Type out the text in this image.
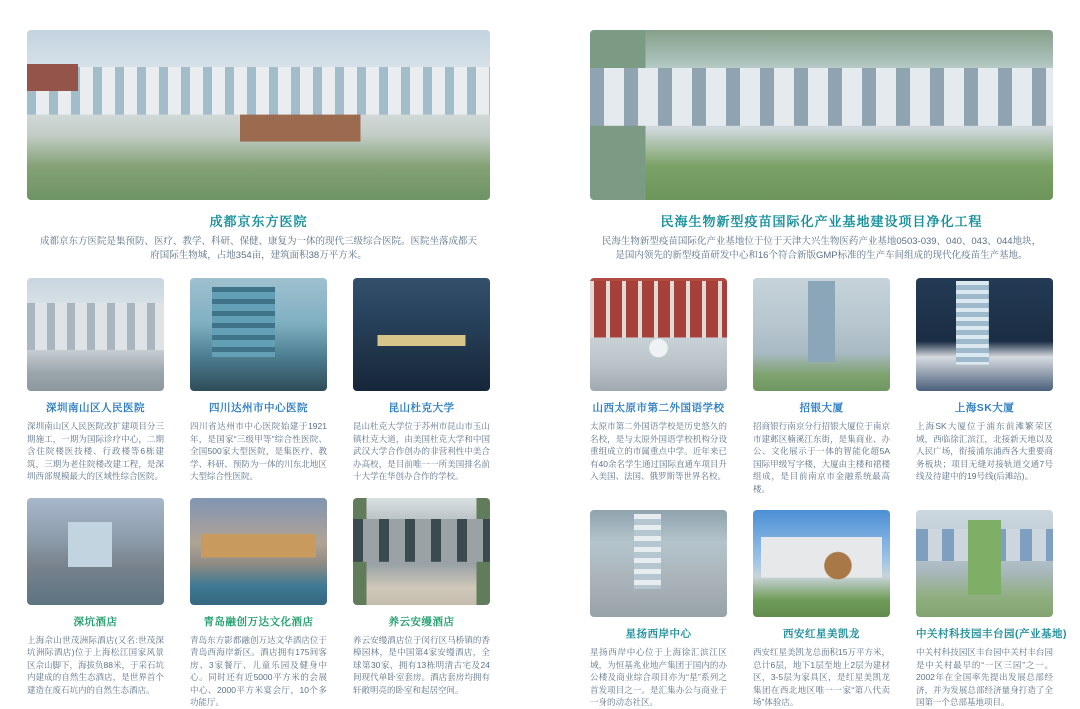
成都京东方医院
成都京东方医院是集预防、医疗、教学、科研、保健、康复为一体的现代三级综合医院。医院坐落成都天府国际生物城，占地354亩，建筑面积38万平方米。
深圳南山区人民医院
深圳南山区人民医院改扩建项目分三期施工，一期为国际诊疗中心，二期含住院楼医技楼、行政楼等6栋建筑，三期为老住院楼改建工程，是深圳西部规模最大的区域性综合医院。
四川达州市中心医院
四川省达州市中心医院始建于1921年，是国家“三级甲等”综合性医院、全国500家大型医院，是集医疗、教学、科研、预防为一体的川东北地区大型综合性医院。
昆山杜克大学
昆山杜克大学位于苏州市昆山市玉山镇杜克大道，由美国杜克大学和中国武汉大学合作创办的非营利性中美合办高校，是目前唯一一所美国排名前十大学在华创办合作的学校。
深坑酒店
上海佘山世茂洲际酒店(又名:世茂深坑洲际酒店)位于上海松江国家风景区佘山脚下，海拔负88米，于采石坑内建成的自然生态酒店，是世界首个建造在废石坑内的自然生态酒店。
青岛融创万达文化酒店
青岛东方影都融创万达文华酒店位于青岛西海岸新区。酒店拥有175间客房、3家餐厅、儿童乐园及健身中心。同时还有近5000平方米的会展中心、2000平方米宴会厅，10个多功能厅。
养云安缦酒店
养云安缦酒店位于闵行区马桥镇的香樟园林，是中国第4家安缦酒店，全球第30家，拥有13栋明清古宅及24间现代单卧室套房。酒店套房均拥有轩敞明亮的卧室和起居空间。
民海生物新型疫苗国际化产业基地建设项目净化工程
民海生物新型疫苗国际化产业基地位于位于天津大兴生物医药产业基地0503-039、040、043、044地块，是国内领先的新型疫苗研发中心和16个符合新版GMP标准的生产车间组成的现代化疫苗生产基地。
山西太原市第二外国语学校
太原市第二外国语学校是历史悠久的名校，是与太原外国语学校机构分设重组成立的市属重点中学。近年来已有40余名学生通过国际直通车项目升入美国、法国、俄罗斯等世界名校。
招银大厦
招商银行南京分行招银大厦位于南京市建邺区楠溪江东街，是集商业、办公、文化展示于一体的智能化超5A国际甲级写字楼，大厦由主楼和裙楼组成，是目前南京市金融系统最高楼。
上海SK大厦
上海SK大厦位于浦东前滩繁荣区域，西临徐汇滨江，北接新天地以及人民广场，衔接浦东浦西各大重要商务板块；项目无缝对接轨道交通7号线及待建中的19号线(后滩站)。
星扬西岸中心
星扬西岸中心位于上海徐汇滨江区域，为恒基兆业地产集团于国内的办公楼及商业综合项目亦为“星”系列之首发项目之一。是汇集办公与商业于一身的动态社区。
西安红星美凯龙
西安红星美凯龙总面积15万平方米，总计6层，地下1层至地上2层为建材区，3-5层为家具区，是红星美凯龙集团在西北地区唯一一家“第八代卖场”体验店。
中关村科技园丰台园(产业基地)
中关村科技园区丰台园中关村丰台园是中关村最早的“一区三园”之一。2002年在全国率先提出发展总部经济，并为发展总部经济量身打造了全国第一个总部基地项目。
